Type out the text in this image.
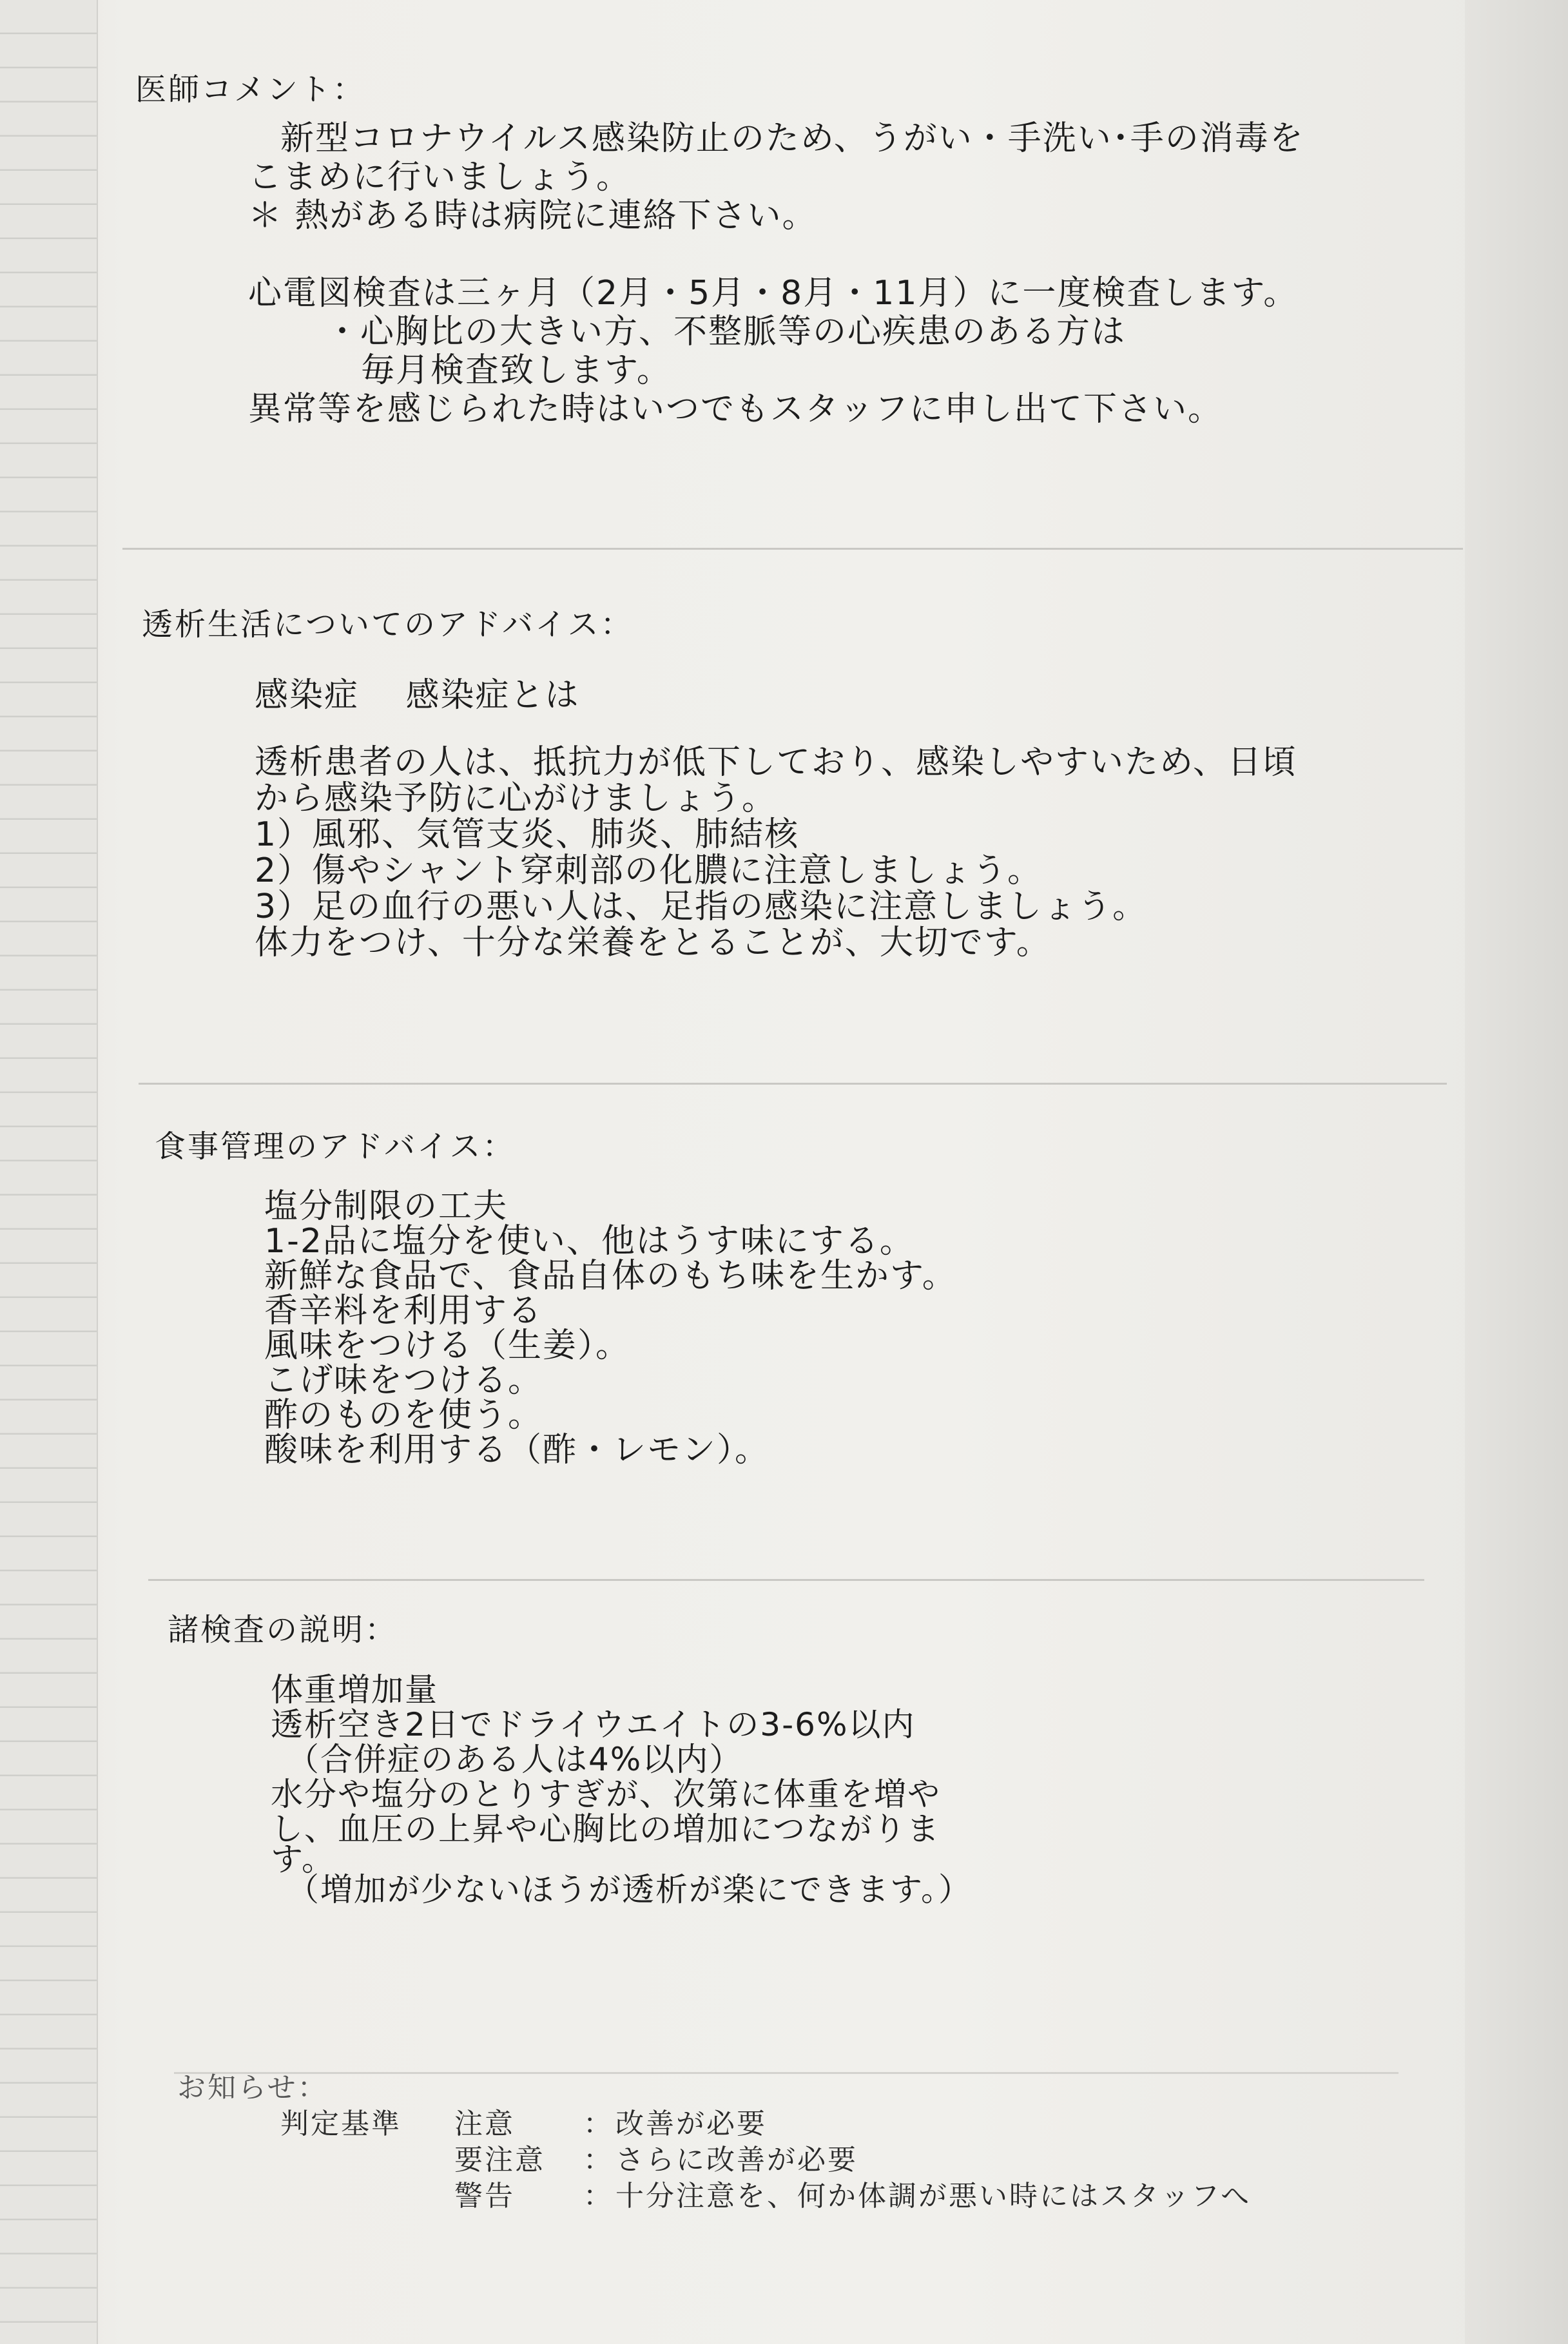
医師コメント：
新型コロナウイルス感染防止のため、うがい・手洗い･手の消毒を
こまめに行いましょう。
＊ 熱がある時は病院に連絡下さい。
心電図検査は三ヶ月（2月・5月・8月・11月）に一度検査します。
・心胸比の大きい方、不整脈等の心疾患のある方は
毎月検査致します。
異常等を感じられた時はいつでもスタッフに申し出て下さい。
透析生活についてのアドバイス：
感染症　 感染症とは
透析患者の人は、抵抗力が低下しており、感染しやすいため、日頃
から感染予防に心がけましょう。
1）風邪、気管支炎、肺炎、肺結核
2）傷やシャント穿刺部の化膿に注意しましょう。
3）足の血行の悪い人は、足指の感染に注意しましょう。
体力をつけ、十分な栄養をとることが、大切です。
食事管理のアドバイス：
塩分制限の工夫
1-2品に塩分を使い、他はうす味にする。
新鮮な食品で、食品自体のもち味を生かす。
香辛料を利用する
風味をつける（生姜）。
こげ味をつける。
酢のものを使う。
酸味を利用する（酢・レモン）。
諸検査の説明：
体重増加量
透析空き2日でドライウエイトの3-6%以内
（合併症のある人は4%以内）
水分や塩分のとりすぎが、次第に体重を増や
し、血圧の上昇や心胸比の増加につながりま
す。
（増加が少ないほうが透析が楽にできます。）
お知らせ：
判定基準	注意	： 改善が必要
要注意	： さらに改善が必要
警告	： 十分注意を、何か体調が悪い時にはスタッフへ
